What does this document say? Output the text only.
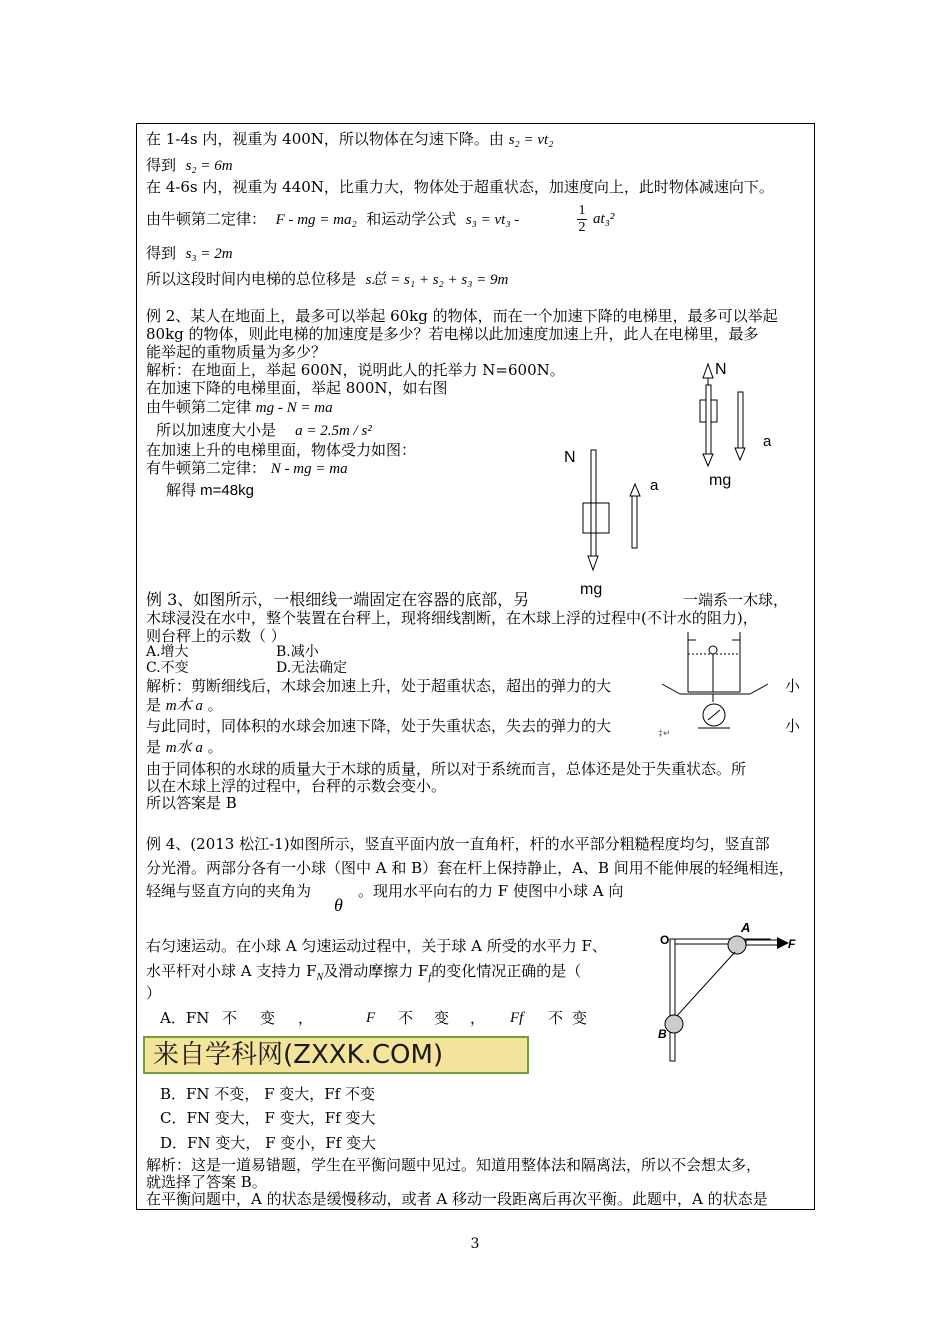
在 1-4s 内，视重为 400N，所以物体在匀速下降。由 s₂ = vt₂
得到 s₂ = 6m
在 4-6s 内，视重为 440N，比重力大，物体处于超重状态，加速度向上，此时物体减速向下。
由牛顿第二定律： F - mg = ma₂ 和运动学公式 s₃ = vt₃ -
1
2
at₃²
得到 s₃ = 2m
所以这段时间内电梯的总位移是 s总 = s₁ + s₂ + s₃ = 9m
例 2、某人在地面上，最多可以举起 60kg 的物体，而在一个加速下降的电梯里，最多可以举起
80kg 的物体，则此电梯的加速度是多少？若电梯以此加速度加速上升，此人在电梯里，最多
能举起的重物质量为多少？
解析：在地面上，举起 600N，说明此人的托举力 N=600N。
在加速下降的电梯里面，举起 800N，如右图
由牛顿第二定律 mg - N = ma
所以加速度大小是 a = 2.5m / s²
在加速上升的电梯里面，物体受力如图：
有牛顿第二定律： N - mg = ma
解得 m=48kg
N
mg
a
N
mg
a
例 3、如图所示，一根细线一端固定在容器的底部，另	一端系一木球，
木球浸没在水中，整个装置在台秤上，现将细线割断，在木球上浮的过程中(不计水的阻力)，
则台秤上的示数（ ）
A.增大	B.减小
C.不变	D.无法确定
解析：剪断细线后，木球会加速上升，处于超重状态，超出的弹力的大	小
是 m木 a 。
与此同时，同体积的水球会加速下降，处于失重状态，失去的弹力的大	小
是 m水 a 。
由于同体积的水球的质量大于木球的质量，所以对于系统而言，总体还是处于失重状态。所
以在木球上浮的过程中，台秤的示数会变小。
所以答案是 B
‡↵
例 4、(2013 松江-1)如图所示，竖直平面内放一直角杆，杆的水平部分粗糙程度均匀，竖直部
分光滑。两部分各有一小球（图中 A 和 B）套在杆上保持静止，A、B 间用不能伸展的轻绳相连，
轻绳与竖直方向的夹角为
θ
。现用水平向右的力 F 使图中小球 A 向
右匀速运动。在小球 A 匀速运动过程中，关于球 A 所受的水平力 F、
水平杆对小球 A 支持力 $F_N$及滑动摩擦力 $F_f$的变化情况正确的是（
）
A．FN 不 变 ，	F 不 变 ， Ff 不 变
来自学科网(ZXXK.COM)
B．FN 不变， F 变大，Ff 不变
C．FN 变大， F 变大，Ff 变大
D．FN 变大， F 变小，Ff 变大
解析：这是一道易错题，学生在平衡问题中见过。知道用整体法和隔离法，所以不会想太多，
就选择了答案 B。
在平衡问题中，A 的状态是缓慢移动，或者 A 移动一段距离后再次平衡。此题中，A 的状态是
O
A
F
B
3
